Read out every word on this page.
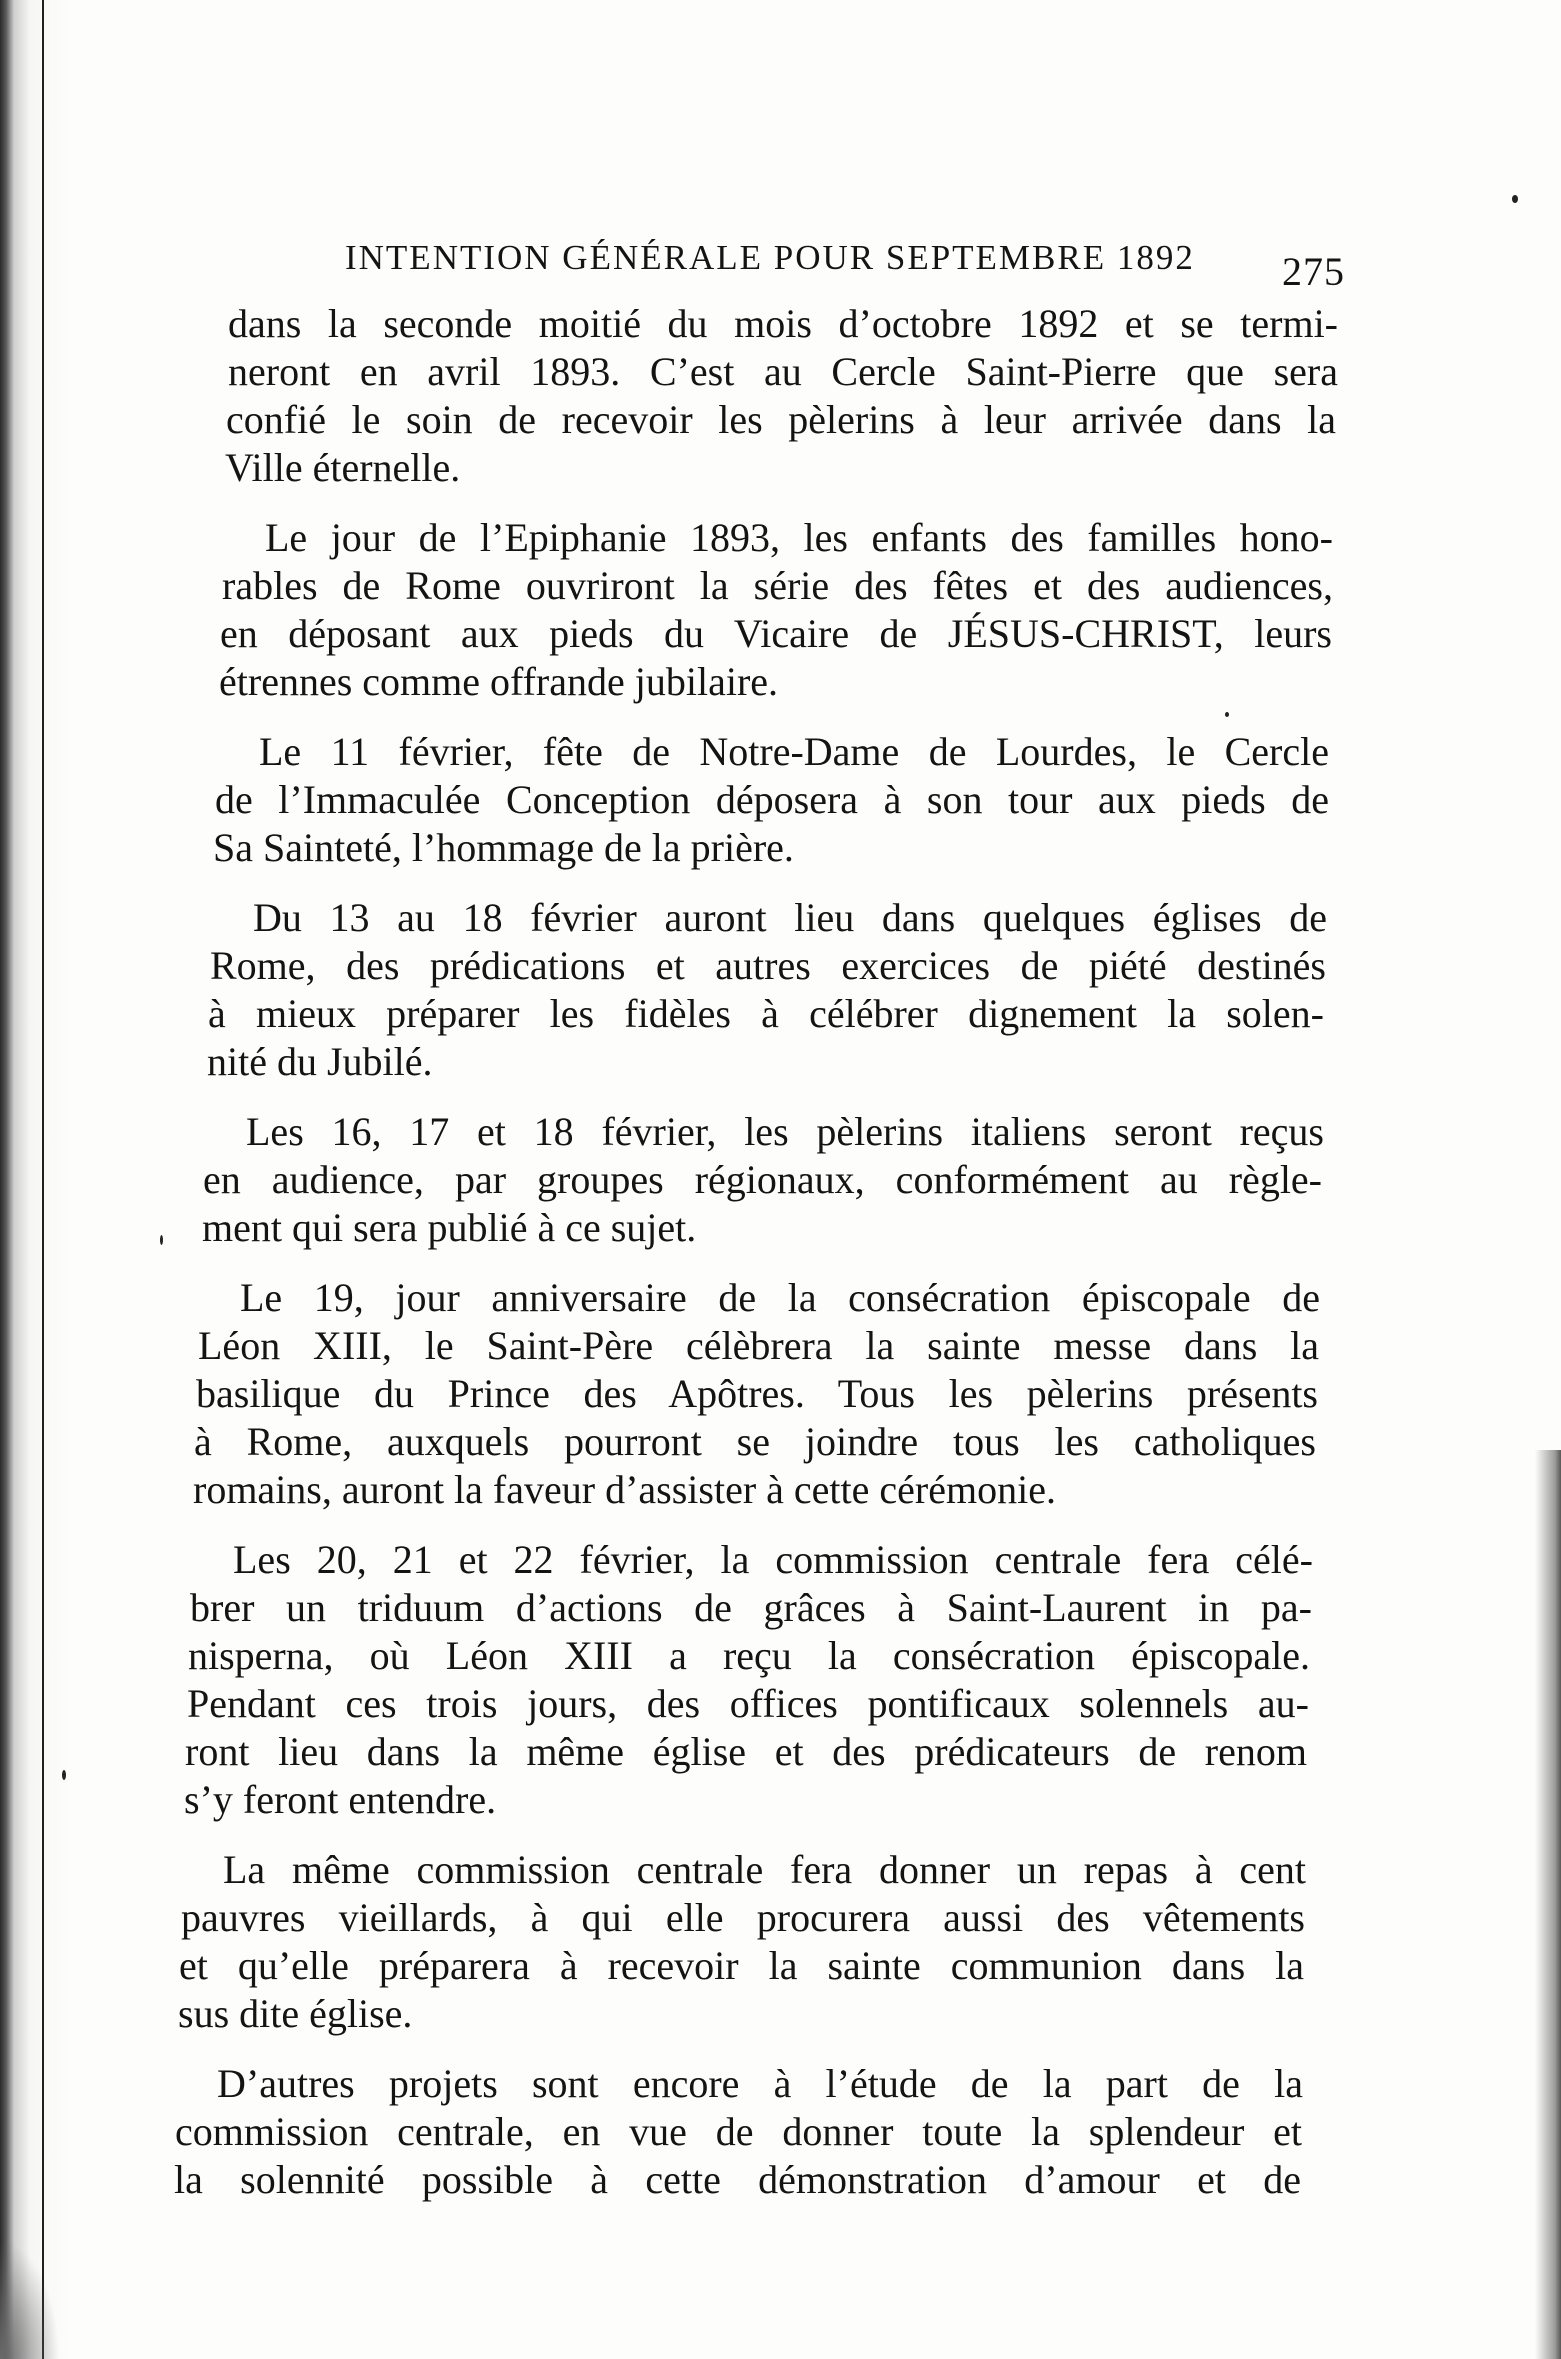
INTENTION GÉNÉRALE POUR SEPTEMBRE 1892 275
dans la seconde moitié du mois d’octobre 1892 et se termi-
neront en avril 1893. C’est au Cercle Saint-Pierre que sera
confié le soin de recevoir les pèlerins à leur arrivée dans la
Ville éternelle.
Le jour de l’Epiphanie 1893, les enfants des familles hono-
rables de Rome ouvriront la série des fêtes et des audiences,
en déposant aux pieds du Vicaire de JÉSUS-CHRIST, leurs
étrennes comme offrande jubilaire.
Le 11 février, fête de Notre-Dame de Lourdes, le Cercle
de l’Immaculée Conception déposera à son tour aux pieds de
Sa Sainteté, l’hommage de la prière.
Du 13 au 18 février auront lieu dans quelques églises de
Rome, des prédications et autres exercices de piété destinés
à mieux préparer les fidèles à célébrer dignement la solen-
nité du Jubilé.
Les 16, 17 et 18 février, les pèlerins italiens seront reçus
en audience, par groupes régionaux, conformément au règle-
ment qui sera publié à ce sujet.
Le 19, jour anniversaire de la consécration épiscopale de
Léon XIII, le Saint-Père célèbrera la sainte messe dans la
basilique du Prince des Apôtres. Tous les pèlerins présents
à Rome, auxquels pourront se joindre tous les catholiques
romains, auront la faveur d’assister à cette cérémonie.
Les 20, 21 et 22 février, la commission centrale fera célé-
brer un triduum d’actions de grâces à Saint-Laurent in pa-
nisperna, où Léon XIII a reçu la consécration épiscopale.
Pendant ces trois jours, des offices pontificaux solennels au-
ront lieu dans la même église et des prédicateurs de renom
s’y feront entendre.
La même commission centrale fera donner un repas à cent
pauvres vieillards, à qui elle procurera aussi des vêtements
et qu’elle préparera à recevoir la sainte communion dans la
sus dite église.
D’autres projets sont encore à l’étude de la part de la
commission centrale, en vue de donner toute la splendeur et
la solennité possible à cette démonstration d’amour et de
